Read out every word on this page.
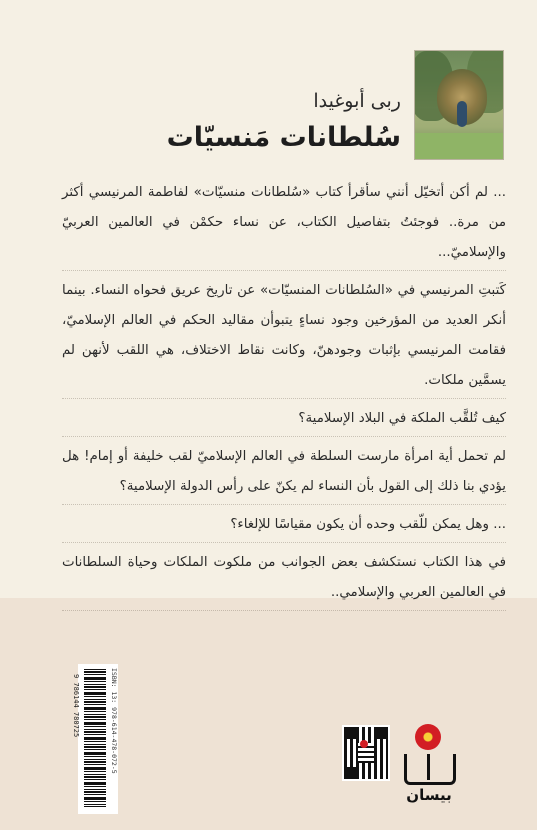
ربى أبوغيدا
سُلطانات مَنسيّات

... لم أكن أتخيّل أنني سأقرأ كتاب «سُلطانات منسيّات» لفاطمة المرنيسي أكثر من مرة.. فوجئتُ بتفاصيل الكتاب، عن نساء حكمْن في العالمين العربيّ والإسلاميّ...

كَتبتِ المرنيسي في «السُلطانات المنسيّات» عن تاريخ عريق فحواه النساء. بينما أنكر العديد من المؤرخين وجود نساءٍ يتبوأن مقاليد الحكم في العالم الإسلاميّ، فقامت المرنيسي بإثبات وجودهنّ، وكانت نقاط الاختلاف، هي اللقب لأنهن لم يسمَّين ملكات.

كيف تُلقَّب الملكة في البلاد الإسلامية؟

لم تحمل أية امرأة مارست السلطة في العالم الإسلاميّ لقب خليفة أو إمام! هل يؤدي بنا ذلك إلى القول بأن النساء لم يكنّ على رأس الدولة الإسلامية؟

... وهل يمكن للّقب وحده أن يكون مقياسًا للإلغاء؟

في هذا الكتاب نستكشف بعض الجوانب من ملكوت الملكات وحياة السلطانات في العالمين العربي والإسلامي..

ISBN: 13: 978-614-478-072-5
9 786144 780725
بيسان
